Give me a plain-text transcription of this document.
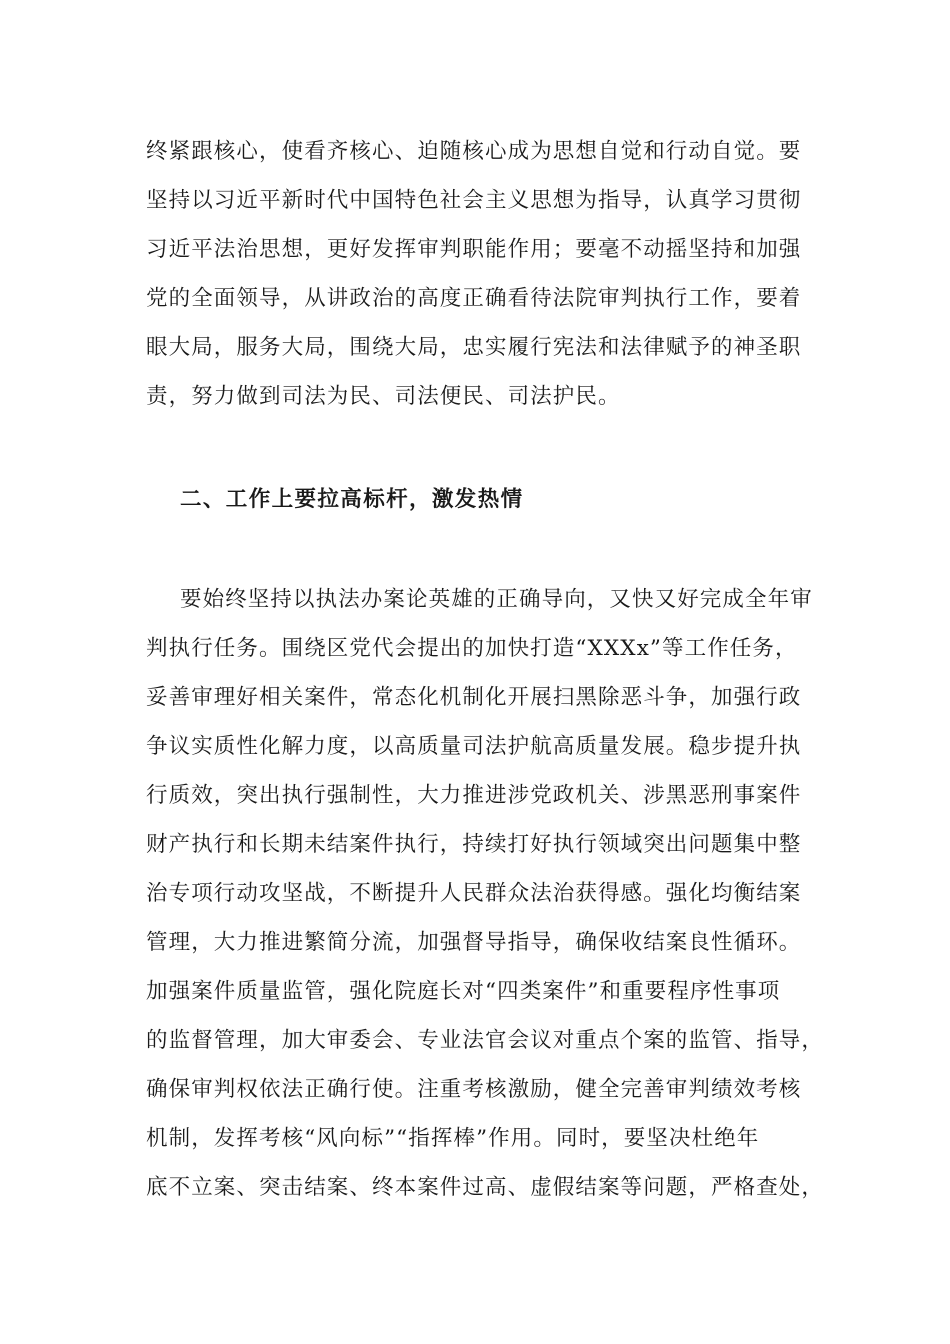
终紧跟核心，使看齐核心、迫随核心成为思想自觉和行动自觉。要
坚持以习近平新时代中国特色社会主义思想为指导，认真学习贯彻
习近平法治思想，更好发挥审判职能作用；要毫不动摇坚持和加强
党的全面领导，从讲政治的高度正确看待法院审判执行工作，要着
眼大局，服务大局，围绕大局，忠实履行宪法和法律赋予的神圣职
责，努力做到司法为民、司法便民、司法护民。
二、工作上要拉高标杆，激发热情
要始终坚持以执法办案论英雄的正确导向，又快又好完成全年审
判执行任务。围绕区党代会提出的加快打造“XXXx”等工作任务，
妥善审理好相关案件，常态化机制化开展扫黑除恶斗争，加强行政
争议实质性化解力度，以高质量司法护航高质量发展。稳步提升执
行质效，突出执行强制性，大力推进涉党政机关、涉黑恶刑事案件
财产执行和长期未结案件执行，持续打好执行领域突出问题集中整
治专项行动攻坚战，不断提升人民群众法治获得感。强化均衡结案
管理，大力推进繁简分流，加强督导指导，确保收结案良性循环。
加强案件质量监管，强化院庭长对“四类案件”和重要程序性事项
的监督管理，加大审委会、专业法官会议对重点个案的监管、指导，
确保审判权依法正确行使。注重考核激励，健全完善审判绩效考核
机制，发挥考核“风向标”“指挥棒”作用。同时，要坚决杜绝年
底不立案、突击结案、终本案件过高、虚假结案等问题，严格查处，
